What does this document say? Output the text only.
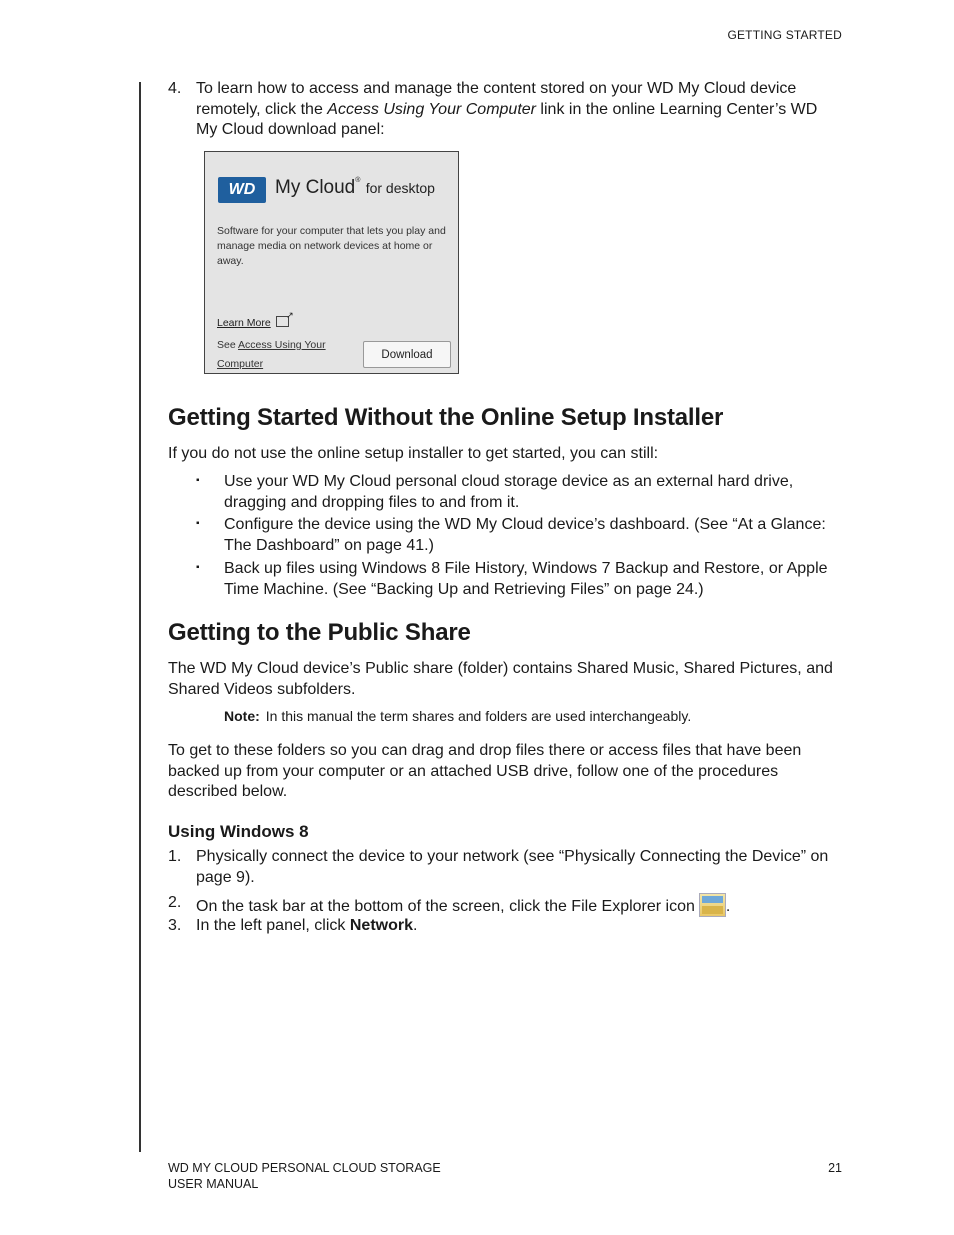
GETTING STARTED
4. To learn how to access and manage the content stored on your WD My Cloud device remotely, click the Access Using Your Computer link in the online Learning Center’s WD My Cloud download panel:
WD	My Cloud® for desktop
Software for your computer that lets you play and manage media on network devices at home or away.
Learn More↗
See Access Using Your Computer
Download
Getting Started Without the Online Setup Installer
If you do not use the online setup installer to get started, you can still:
▪ Use your WD My Cloud personal cloud storage device as an external hard drive, dragging and dropping files to and from it.
▪ Configure the device using the WD My Cloud device’s dashboard. (See “At a Glance: The Dashboard” on page 41.)
▪ Back up files using Windows 8 File History, Windows 7 Backup and Restore, or Apple Time Machine. (See “Backing Up and Retrieving Files” on page 24.)
Getting to the Public Share
The WD My Cloud device’s Public share (folder) contains Shared Music, Shared Pictures, and Shared Videos subfolders.
Note: In this manual the term shares and folders are used interchangeably.
To get to these folders so you can drag and drop files there or access files that have been backed up from your computer or an attached USB drive, follow one of the procedures described below.
Using Windows 8
1. Physically connect the device to your network (see “Physically Connecting the Device” on page 9).
2. On the task bar at the bottom of the screen, click the File Explorer icon .
3. In the left panel, click Network.
WD MY CLOUD PERSONAL CLOUD STORAGE
USER MANUAL
21
